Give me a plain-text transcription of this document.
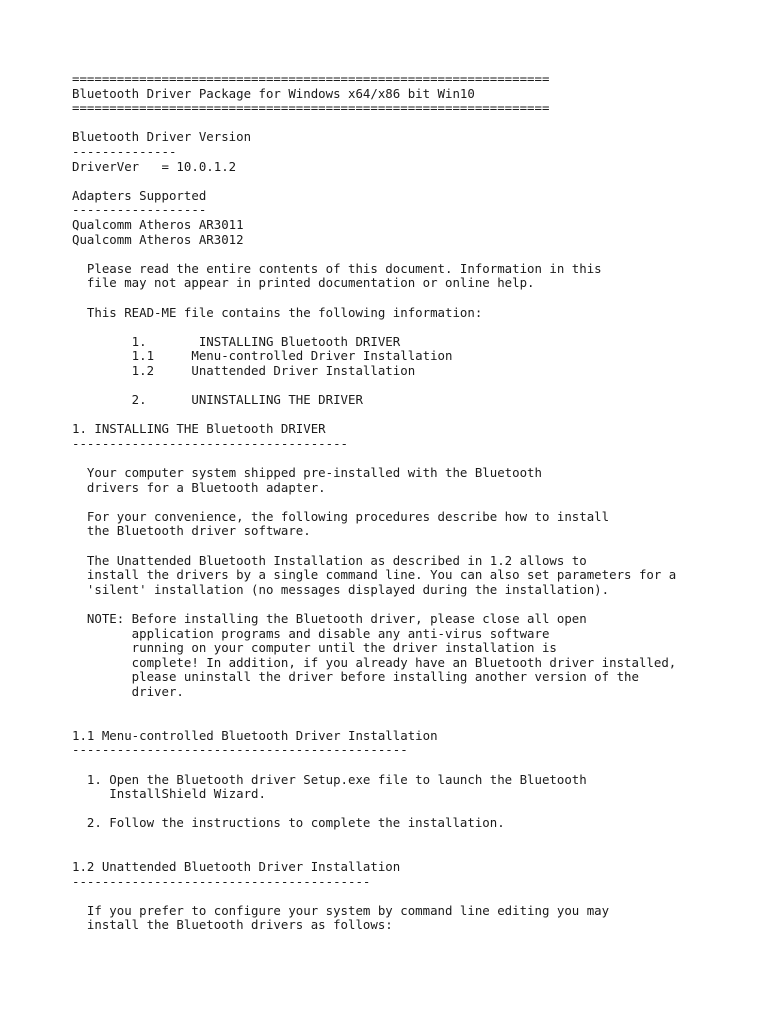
================================================================
Bluetooth Driver Package for Windows x64/x86 bit Win10
================================================================

Bluetooth Driver Version
--------------
DriverVer   = 10.0.1.2

Adapters Supported
------------------
Qualcomm Atheros AR3011
Qualcomm Atheros AR3012

Please read the entire contents of this document. Information in this
file may not appear in printed documentation or online help.

This READ-ME file contains the following information:

1.       INSTALLING Bluetooth DRIVER
1.1     Menu-controlled Driver Installation
1.2     Unattended Driver Installation

2.      UNINSTALLING THE DRIVER

1. INSTALLING THE Bluetooth DRIVER
-------------------------------------

Your computer system shipped pre-installed with the Bluetooth
drivers for a Bluetooth adapter.

For your convenience, the following procedures describe how to install
the Bluetooth driver software.

The Unattended Bluetooth Installation as described in 1.2 allows to
install the drivers by a single command line. You can also set parameters for a
'silent' installation (no messages displayed during the installation).

NOTE: Before installing the Bluetooth driver, please close all open
application programs and disable any anti-virus software
running on your computer until the driver installation is
complete! In addition, if you already have an Bluetooth driver installed,
please uninstall the driver before installing another version of the
driver.

1.1 Menu-controlled Bluetooth Driver Installation
---------------------------------------------

1. Open the Bluetooth driver Setup.exe file to launch the Bluetooth
InstallShield Wizard.

2. Follow the instructions to complete the installation.

1.2 Unattended Bluetooth Driver Installation
----------------------------------------

If you prefer to configure your system by command line editing you may
install the Bluetooth drivers as follows:
